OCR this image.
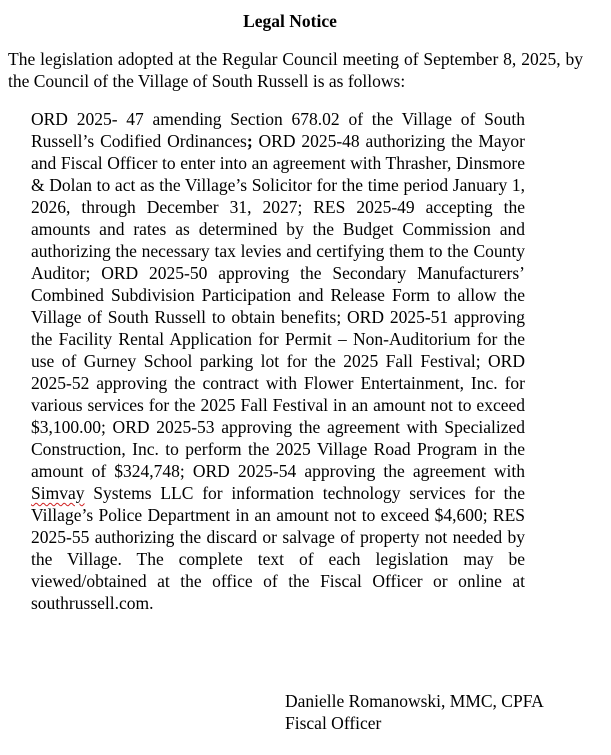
Legal Notice
The legislation adopted at the Regular Council meeting of September 8, 2025, by the Council of the Village of South Russell is as follows:
ORD 2025- 47 amending Section 678.02 of the Village of South Russell’s Codified Ordinances; ORD 2025-48 authorizing the Mayor and Fiscal Officer to enter into an agreement with Thrasher, Dinsmore & Dolan to act as the Village’s Solicitor for the time period January 1, 2026, through December 31, 2027; RES 2025-49 accepting the amounts and rates as determined by the Budget Commission and authorizing the necessary tax levies and certifying them to the County Auditor; ORD 2025-50 approving the Secondary Manufacturers’ Combined Subdivision Participation and Release Form to allow the Village of South Russell to obtain benefits; ORD 2025-51 approving the Facility Rental Application for Permit – Non-Auditorium for the use of Gurney School parking lot for the 2025 Fall Festival; ORD 2025-52 approving the contract with Flower Entertainment, Inc. for various services for the 2025 Fall Festival in an amount not to exceed $3,100.00; ORD 2025-53 approving the agreement with Specialized Construction, Inc. to perform the 2025 Village Road Program in the amount of $324,748; ORD 2025-54 approving the agreement with Simvay Systems LLC for information technology services for the Village’s Police Department in an amount not to exceed $4,600; RES 2025-55 authorizing the discard or salvage of property not needed by the Village. The complete text of each legislation may be viewed/obtained at the office of the Fiscal Officer or online at southrussell.com.
Danielle Romanowski, MMC, CPFA
Fiscal Officer
